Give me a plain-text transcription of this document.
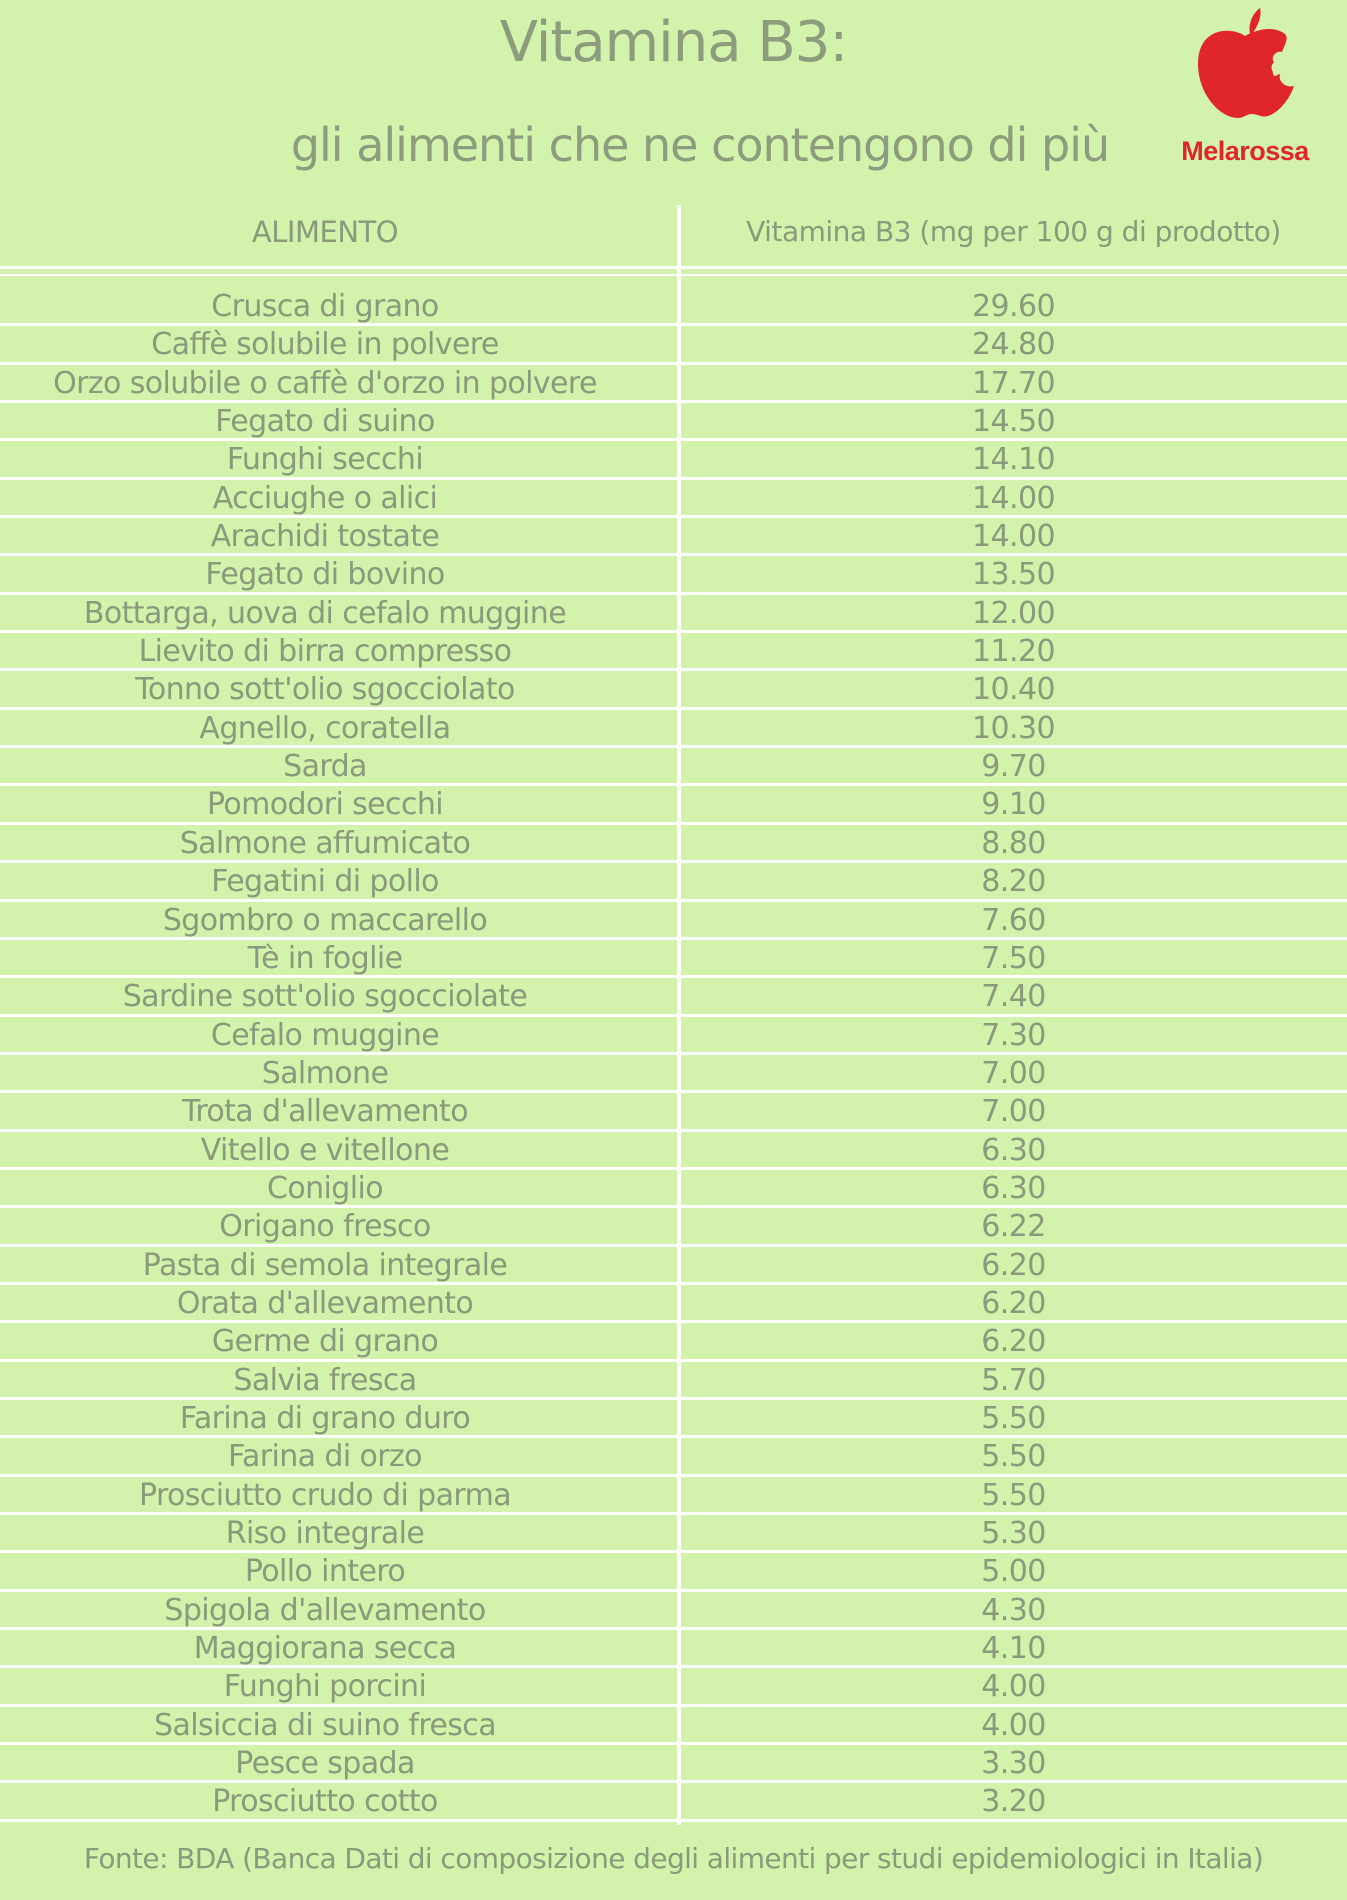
Vitamina B3:
gli alimenti che ne contengono di più	Melarossa
ALIMENTO	Vitamina B3 (mg per 100 g di prodotto)
Crusca di grano	29.60
Caffè solubile in polvere	24.80
Orzo solubile o caffè d'orzo in polvere	17.70
Fegato di suino	14.50
Funghi secchi	14.10
Acciughe o alici	14.00
Arachidi tostate	14.00
Fegato di bovino	13.50
Bottarga, uova di cefalo muggine	12.00
Lievito di birra compresso	11.20
Tonno sott'olio sgocciolato	10.40
Agnello, coratella	10.30
Sarda	9.70
Pomodori secchi	9.10
Salmone affumicato	8.80
Fegatini di pollo	8.20
Sgombro o maccarello	7.60
Tè in foglie	7.50
Sardine sott'olio sgocciolate	7.40
Cefalo muggine	7.30
Salmone	7.00
Trota d'allevamento	7.00
Vitello e vitellone	6.30
Coniglio	6.30
Origano fresco	6.22
Pasta di semola integrale	6.20
Orata d'allevamento	6.20
Germe di grano	6.20
Salvia fresca	5.70
Farina di grano duro	5.50
Farina di orzo	5.50
Prosciutto crudo di parma	5.50
Riso integrale	5.30
Pollo intero	5.00
Spigola d'allevamento	4.30
Maggiorana secca	4.10
Funghi porcini	4.00
Salsiccia di suino fresca	4.00
Pesce spada	3.30
Prosciutto cotto	3.20
Fonte: BDA (Banca Dati di composizione degli alimenti per studi epidemiologici in Italia)
